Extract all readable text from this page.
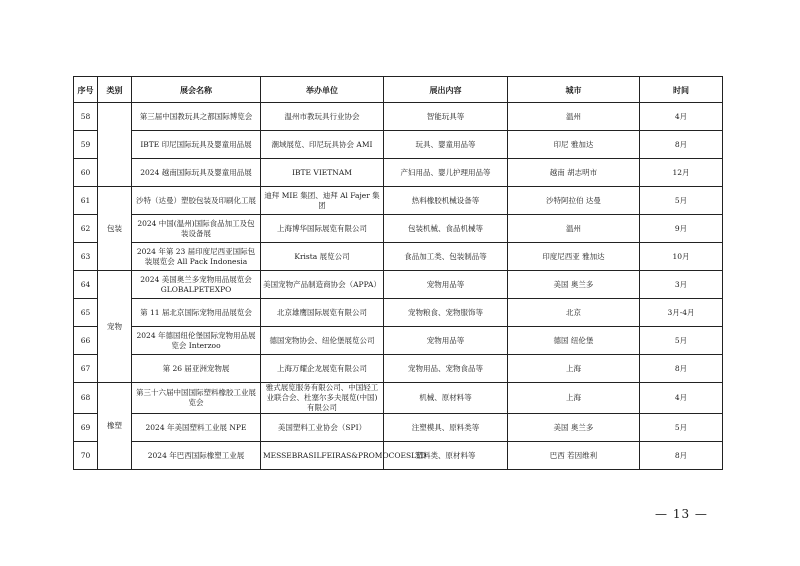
序号	类别	展会名称	举办单位	展出内容	城市	时间
58		第三届中国教玩具之都国际博览会	温州市教玩具行业协会	智能玩具等	温州	4月
59		IBTE 印尼国际玩具及婴童用品展	潮域展览、印尼玩具协会 AMI	玩具、婴童用品等	印尼 雅加达	8月
60		2024 越南国际玩具及婴童用品展	IBTE VIETNAM	产妇用品、婴儿护理用品等	越南 胡志明市	12月
61	包装	沙特（达曼）塑胶包装及印刷化工展	迪拜 MIE 集团、迪拜 Al Fajer 集团	热料橡胶机械设备等	沙特阿拉伯 达曼	5月
62		2024 中国(温州)国际食品加工及包装设备展	上海博华国际展览有限公司	包装机械、食品机械等	温州	9月
63		2024 年第 23 届印度尼西亚国际包装展览会 All Pack Indonesia	Krista 展览公司	食品加工类、包装制品等	印度尼西亚 雅加达	10月
64	宠物	2024 美国奥兰多宠物用品展览会 GLOBALPETEXPO	美国宠物产品制造商协会（APPA）	宠物用品等	美国 奥兰多	3月
65		第 11 届北京国际宠物用品展览会	北京雄鹰国际展览有限公司	宠物粮食、宠物服饰等	北京	3月-4月
66		2024 年德国纽伦堡国际宠物用品展览会 Interzoo	德国宠物协会、纽伦堡展览公司	宠物用品等	德国 纽伦堡	5月
67		第 26 届亚洲宠物展	上海万耀企龙展览有限公司	宠物用品、宠物食品等	上海	8月
68	橡塑	第三十六届中国国际塑料橡胶工业展览会	雅式展览服务有限公司、中国轻工业联合会、杜塞尔多夫展览(中国)有限公司	机械、原材料等	上海	4月
69		2024 年美国塑料工业展 NPE	美国塑料工业协会（SPI）	注塑模具、原料类等	美国 奥兰多	5月
70		2024 年巴西国际橡塑工业展	MESSEBRASILFEIRAS&PROMOCOESLTD	塑料类、原材料等	巴西 若因维利	8月
— 13 —
